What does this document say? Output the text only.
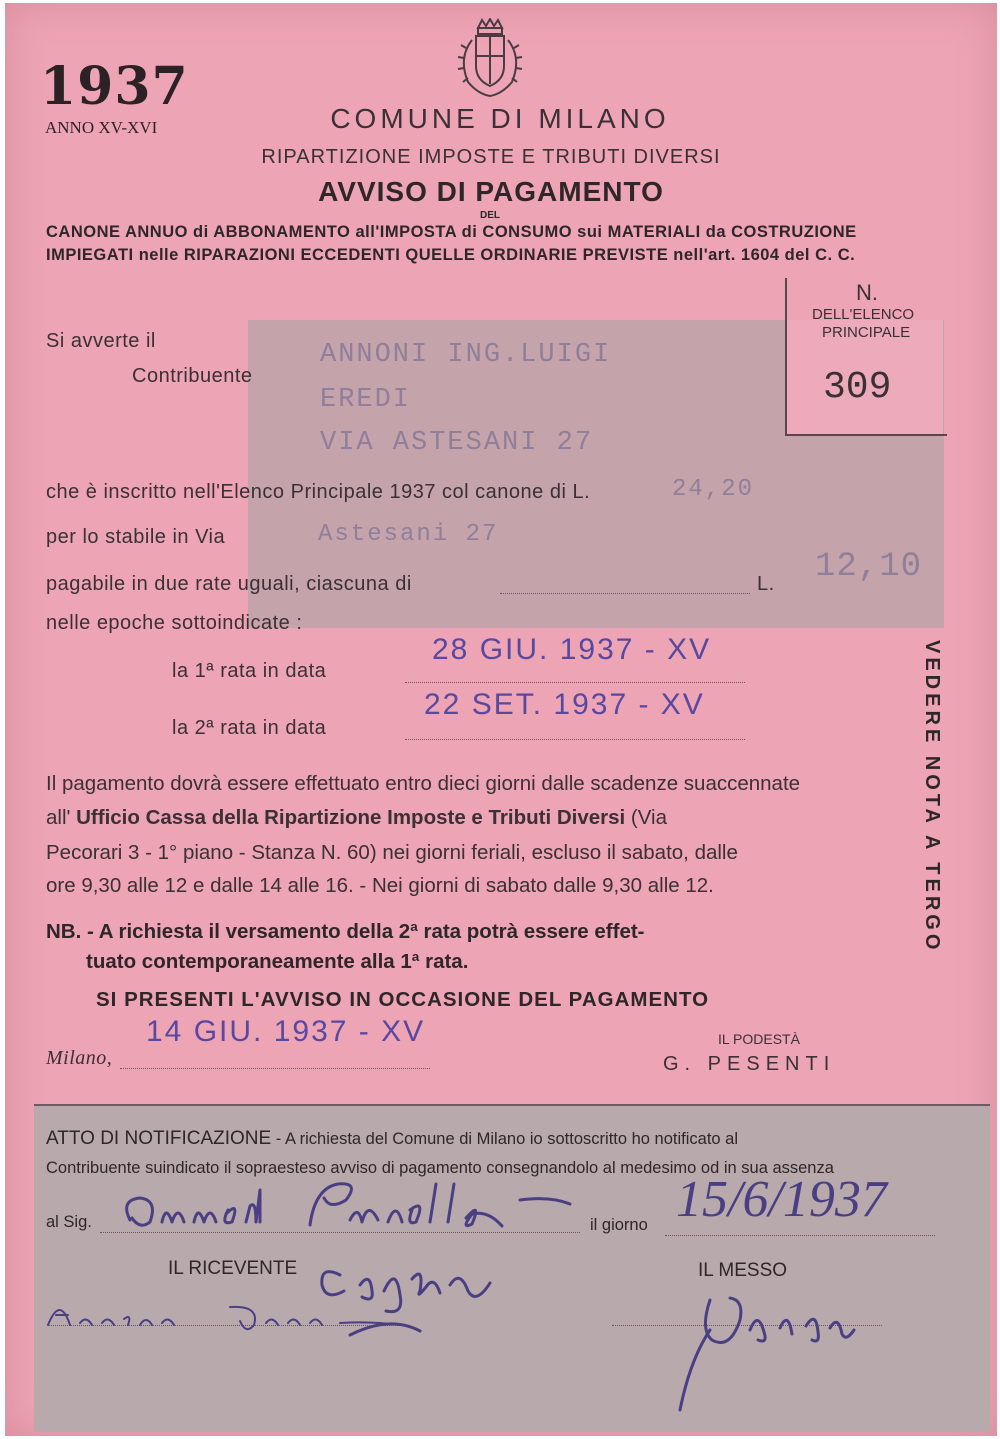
1937
ANNO XV-XVI	COMUNE DI MILANO
RIPARTIZIONE IMPOSTE E TRIBUTI DIVERSI
AVVISO DI PAGAMENTO
DEL
CANONE ANNUO di ABBONAMENTO all'IMPOSTA di CONSUMO sui MATERIALI da COSTRUZIONE
IMPIEGATI nelle RIPARAZIONI ECCEDENTI QUELLE ORDINARIE PREVISTE nell'art. 1604 del C. C.
N.
DELL'ELENCO
PRINCIPALE
309
Si avverte il
Contribuente
ANNONI ING.LUIGI
EREDI
VIA ASTESANI 27
che è inscritto nell'Elenco Principale 1937 col canone di L.	24,20
per lo stabile in Via	Astesani 27
pagabile in due rate uguali, ciascuna di	L. 12,10
nelle epoche sottoindicate :
la 1ª rata in data
28 GIU. 1937 - XV
la 2ª rata in data
22 SET. 1937 - XV
Il pagamento dovrà essere effettuato entro dieci giorni dalle scadenze suaccennate
all' Ufficio Cassa della Ripartizione Imposte e Tributi Diversi (Via
Pecorari 3 - 1° piano - Stanza N. 60) nei giorni feriali, escluso il sabato, dalle
ore 9,30 alle 12 e dalle 14 alle 16. - Nei giorni di sabato dalle 9,30 alle 12.
NB. - A richiesta il versamento della 2ª rata potrà essere effet-
tuato contemporaneamente alla 1ª rata.
SI PRESENTI L'AVVISO IN OCCASIONE DEL PAGAMENTO
VEDERE NOTA A TERGO
Milano,
14 GIU. 1937 - XV	IL PODESTÀ
G. PESENTI
ATTO DI NOTIFICAZIONE - A richiesta del Comune di Milano io sottoscritto ho notificato al
Contribuente suindicato il sopraesteso avviso di pagamento consegnandolo al medesimo od in sua assenza
al Sig.	il giorno 15/6/1937
IL RICEVENTE	IL MESSO
